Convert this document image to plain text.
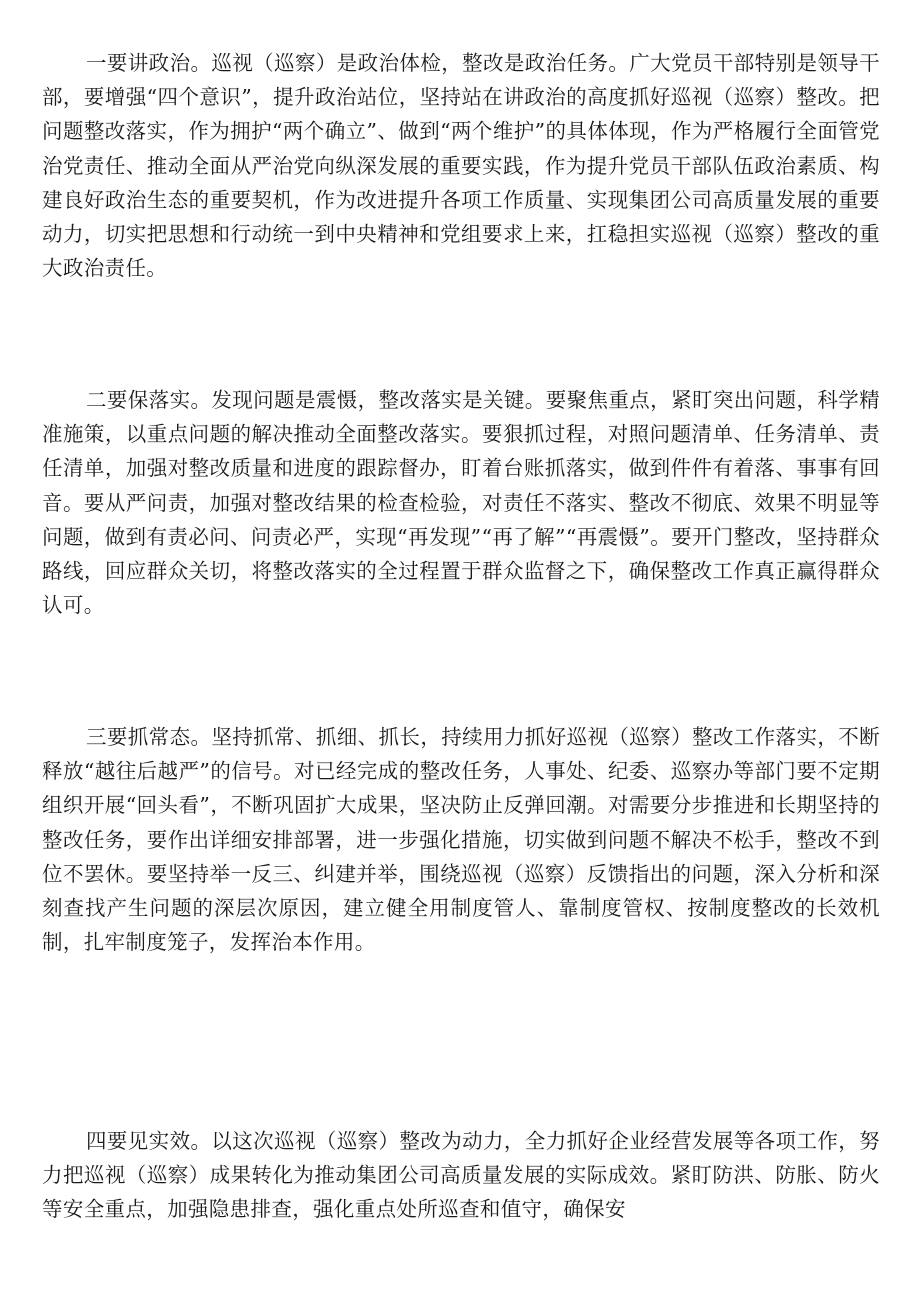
一要讲政治。巡视（巡察）是政治体检，整改是政治任务。广大党员干部特别是领导干部，要增强“四个意识”，提升政治站位，坚持站在讲政治的高度抓好巡视（巡察）整改。把问题整改落实，作为拥护“两个确立”、做到“两个维护”的具体体现，作为严格履行全面管党治党责任、推动全面从严治党向纵深发展的重要实践，作为提升党员干部队伍政治素质、构建良好政治生态的重要契机，作为改进提升各项工作质量、实现集团公司高质量发展的重要动力，切实把思想和行动统一到中央精神和党组要求上来，扛稳担实巡视（巡察）整改的重大政治责任。

二要保落实。发现问题是震慑，整改落实是关键。要聚焦重点，紧盯突出问题，科学精准施策，以重点问题的解决推动全面整改落实。要狠抓过程，对照问题清单、任务清单、责任清单，加强对整改质量和进度的跟踪督办，盯着台账抓落实，做到件件有着落、事事有回音。要从严问责，加强对整改结果的检查检验，对责任不落实、整改不彻底、效果不明显等问题，做到有责必问、问责必严，实现“再发现”“再了解”“再震慑”。要开门整改，坚持群众路线，回应群众关切，将整改落实的全过程置于群众监督之下，确保整改工作真正赢得群众认可。

三要抓常态。坚持抓常、抓细、抓长，持续用力抓好巡视（巡察）整改工作落实，不断释放“越往后越严”的信号。对已经完成的整改任务，人事处、纪委、巡察办等部门要不定期组织开展“回头看”，不断巩固扩大成果，坚决防止反弹回潮。对需要分步推进和长期坚持的整改任务，要作出详细安排部署，进一步强化措施，切实做到问题不解决不松手，整改不到位不罢休。要坚持举一反三、纠建并举，围绕巡视（巡察）反馈指出的问题，深入分析和深刻查找产生问题的深层次原因，建立健全用制度管人、靠制度管权、按制度整改的长效机制，扎牢制度笼子，发挥治本作用。

四要见实效。以这次巡视（巡察）整改为动力，全力抓好企业经营发展等各项工作，努力把巡视（巡察）成果转化为推动集团公司高质量发展的实际成效。紧盯防洪、防胀、防火等安全重点，加强隐患排查，强化重点处所巡查和值守，确保安
